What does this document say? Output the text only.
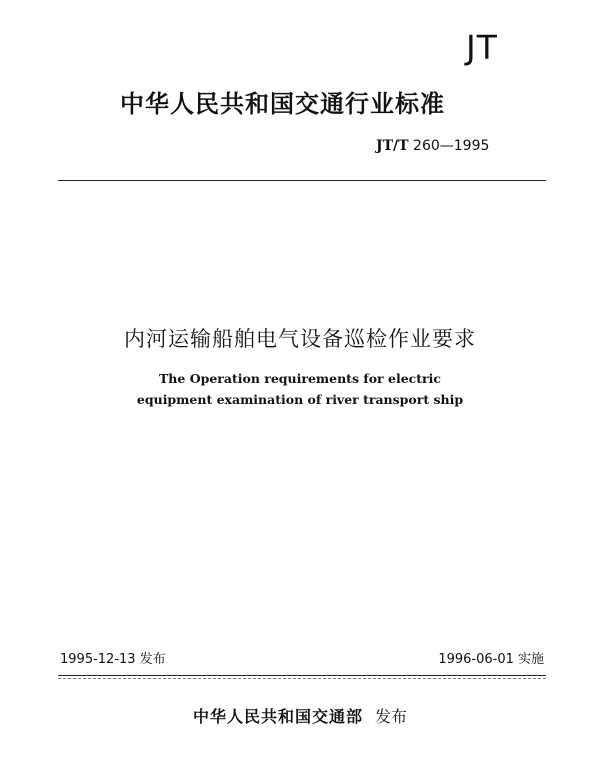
JT
中华人民共和国交通行业标准
JT/T 260—1995
内河运输船舶电气设备巡检作业要求
The Operation requirements for electric
equipment examination of river transport ship
1995-12-13 发布	1996-06-01 实施
中华人民共和国交通部 发布
